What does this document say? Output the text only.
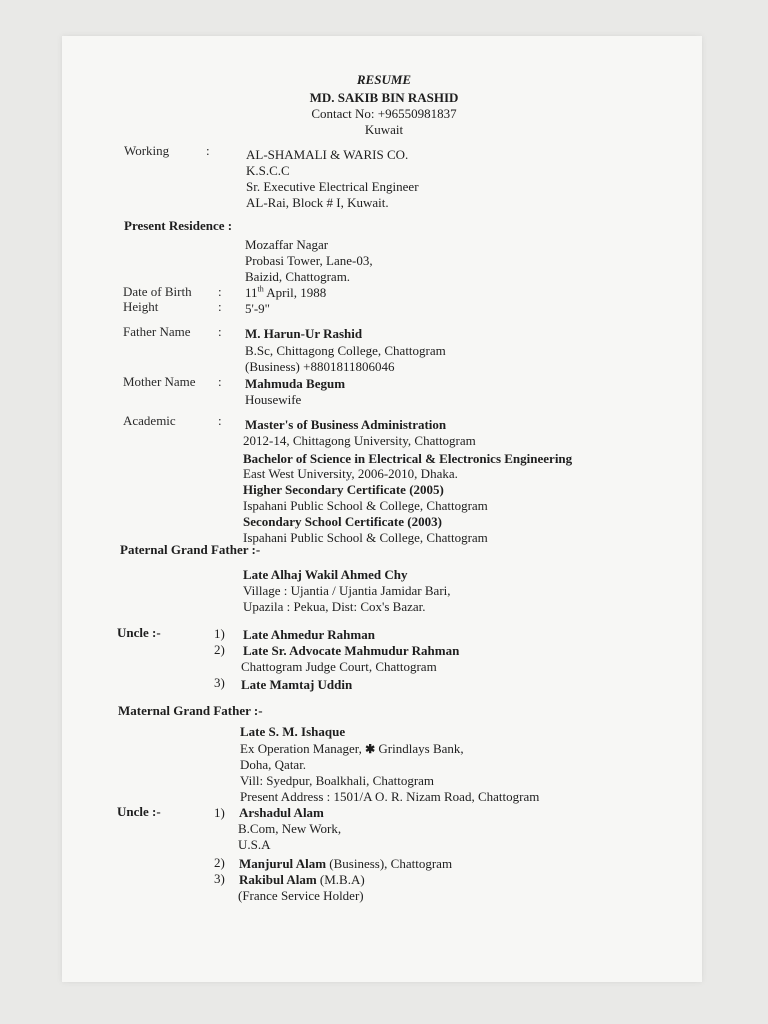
RESUME
MD. SAKIB BIN RASHID
Contact No: +96550981837
Kuwait
Working	:	AL-SHAMALI & WARIS CO.
K.S.C.C
Sr. Executive Electrical Engineer
AL-Rai, Block # I, Kuwait.
Present Residence :
Mozaffar Nagar
Probasi Tower, Lane-03,
Baizid, Chattogram.
Date of Birth : 11th April, 1988
Height	: 5'-9"
Father Name : M. Harun-Ur Rashid
B.Sc, Chittagong College, Chattogram
(Business) +8801811806046
Mother Name : Mahmuda Begum
Housewife
Academic	: Master's of Business Administration
2012-14, Chittagong University, Chattogram
Bachelor of Science in Electrical & Electronics Engineering
East West University, 2006-2010, Dhaka.
Higher Secondary Certificate (2005)
Ispahani Public School & College, Chattogram
Secondary School Certificate (2003)
Ispahani Public School & College, Chattogram
Paternal Grand Father :-
Late Alhaj Wakil Ahmed Chy
Village : Ujantia / Ujantia Jamidar Bari,
Upazila : Pekua, Dist: Cox's Bazar.
Uncle :-	1) Late Ahmedur Rahman
2) Late Sr. Advocate Mahmudur Rahman
Chattogram Judge Court, Chattogram
3) Late Mamtaj Uddin
Maternal Grand Father :-
Late S. M. Ishaque
Ex Operation Manager, ✱ Grindlays Bank,
Doha, Qatar.
Vill: Syedpur, Boalkhali, Chattogram
Present Address : 1501/A O. R. Nizam Road, Chattogram
Uncle :-	1) Arshadul Alam
B.Com, New Work,
U.S.A
2) Manjurul Alam (Business), Chattogram
3) Rakibul Alam (M.B.A)
(France Service Holder)
